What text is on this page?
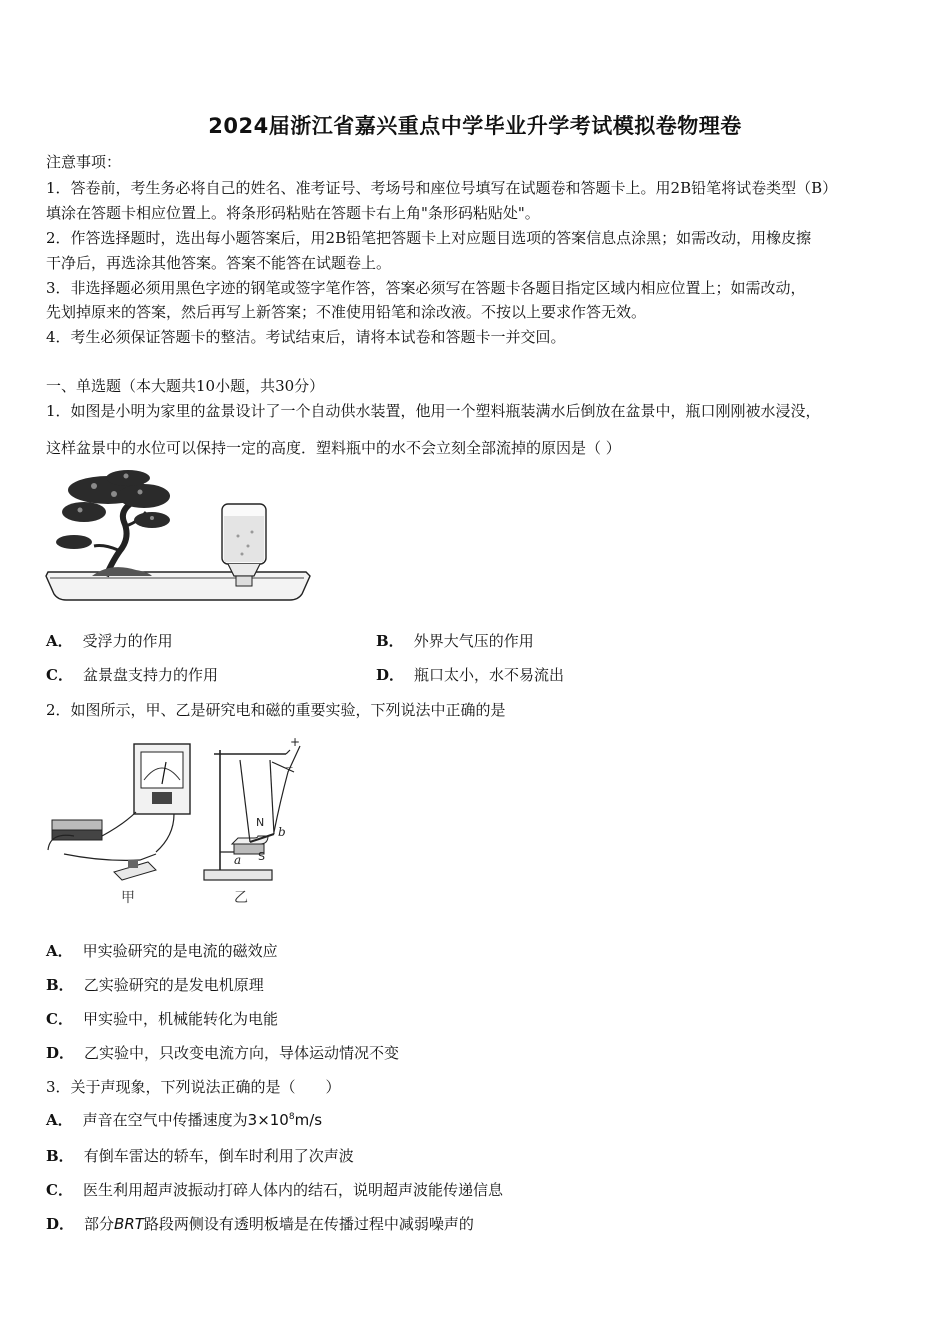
2024届浙江省嘉兴重点中学毕业升学考试模拟卷物理卷
注意事项：
1．答卷前，考生务必将自己的姓名、准考证号、考场号和座位号填写在试题卷和答题卡上。用2B铅笔将试卷类型（B）
填涂在答题卡相应位置上。将条形码粘贴在答题卡右上角"条形码粘贴处"。
2．作答选择题时，选出每小题答案后，用2B铅笔把答题卡上对应题目选项的答案信息点涂黑；如需改动，用橡皮擦
干净后，再选涂其他答案。答案不能答在试题卷上。
3．非选择题必须用黑色字迹的钢笔或签字笔作答，答案必须写在答题卡各题目指定区域内相应位置上；如需改动，
先划掉原来的答案，然后再写上新答案；不准使用铅笔和涂改液。不按以上要求作答无效。
4．考生必须保证答题卡的整洁。考试结束后，请将本试卷和答题卡一并交回。
一、单选题（本大题共10小题，共30分）
1．如图是小明为家里的盆景设计了一个自动供水装置，他用一个塑料瓶装满水后倒放在盆景中，瓶口刚刚被水浸没，
这样盆景中的水位可以保持一定的高度．塑料瓶中的水不会立刻全部流掉的原因是（ ）
A． 受浮力的作用	B． 外界大气压的作用
C． 盆景盘支持力的作用	D． 瓶口太小，水不易流出
2．如图所示，甲、乙是研究电和磁的重要实验，下列说法中正确的是
甲
+
－
N
S
a
b
乙
A． 甲实验研究的是电流的磁效应
B． 乙实验研究的是发电机原理
C． 甲实验中，机械能转化为电能
D． 乙实验中，只改变电流方向，导体运动情况不变
3．关于声现象，下列说法正确的是（　　）
A． 声音在空气中传播速度为$3\times 10^8m/s$
B． 有倒车雷达的轿车，倒车时利用了次声波
C． 医生利用超声波振动打碎人体内的结石，说明超声波能传递信息
D． 部分BRT路段两侧设有透明板墙是在传播过程中减弱噪声的
